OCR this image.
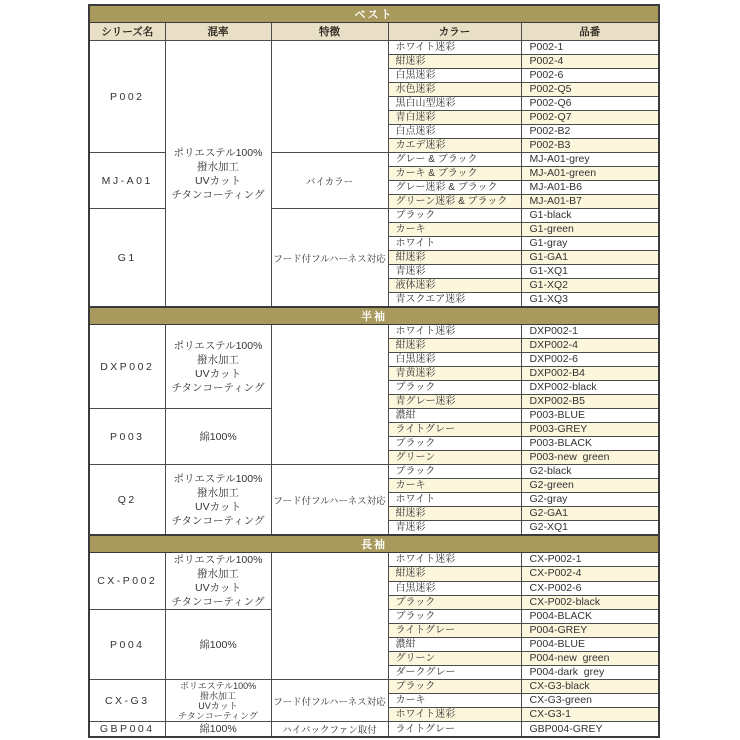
ベスト				
シリーズ名	混率	特徴	カラー	品番
P002	ポリエステル100%
撥水加工
UVカット
チタンコーティング		ホワイト迷彩	P002-1
			紺迷彩	P002-4
			白黒迷彩	P002-6
			水色迷彩	P002-Q5
			黒白山型迷彩	P002-Q6
			青白迷彩	P002-Q7
			白点迷彩	P002-B2
			カエデ迷彩	P002-B3
MJ-A01		バイカラー	グレー & ブラック	MJ-A01-grey
			カーキ & ブラック	MJ-A01-green
			グレー迷彩 & ブラック	MJ-A01-B6
			グリーン迷彩 & ブラック	MJ-A01-B7
G1		フード付フルハーネス対応	ブラック	G1-black
			カーキ	G1-green
			ホワイト	G1-gray
			紺迷彩	G1-GA1
			青迷彩	G1-XQ1
			液体迷彩	G1-XQ2
			青スクエア迷彩	G1-XQ3
半袖				
DXP002	ポリエステル100%
撥水加工
UVカット
チタンコーティング		ホワイト迷彩	DXP002-1
			紺迷彩	DXP002-4
			白黒迷彩	DXP002-6
			青黄迷彩	DXP002-B4
			ブラック	DXP002-black
			青グレー迷彩	DXP002-B5
P003	綿100%		濃紺	P003-BLUE
			ライトグレー	P003-GREY
			ブラック	P003-BLACK
			グリーン	P003-new  green
Q2	ポリエステル100%
撥水加工
UVカット
チタンコーティング	フード付フルハーネス対応	ブラック	G2-black
			カーキ	G2-green
			ホワイト	G2-gray
			紺迷彩	G2-GA1
			青迷彩	G2-XQ1
長袖				
CX-P002	ポリエステル100%
撥水加工
UVカット
チタンコーティング		ホワイト迷彩	CX-P002-1
			紺迷彩	CX-P002-4
			白黒迷彩	CX-P002-6
			ブラック	CX-P002-black
P004	綿100%		ブラック	P004-BLACK
			ライトグレー	P004-GREY
			濃紺	P004-BLUE
			グリーン	P004-new  green
			ダークグレー	P004-dark  grey
CX-G3	ポリエステル100%
撥水加工
UVカット
チタンコーティング	フード付フルハーネス対応	ブラック	CX-G3-black
			カーキ	CX-G3-green
			ホワイト迷彩	CX-G3-1
GBP004	綿100%	ハイバックファン取付	ライトグレー	GBP004-GREY
